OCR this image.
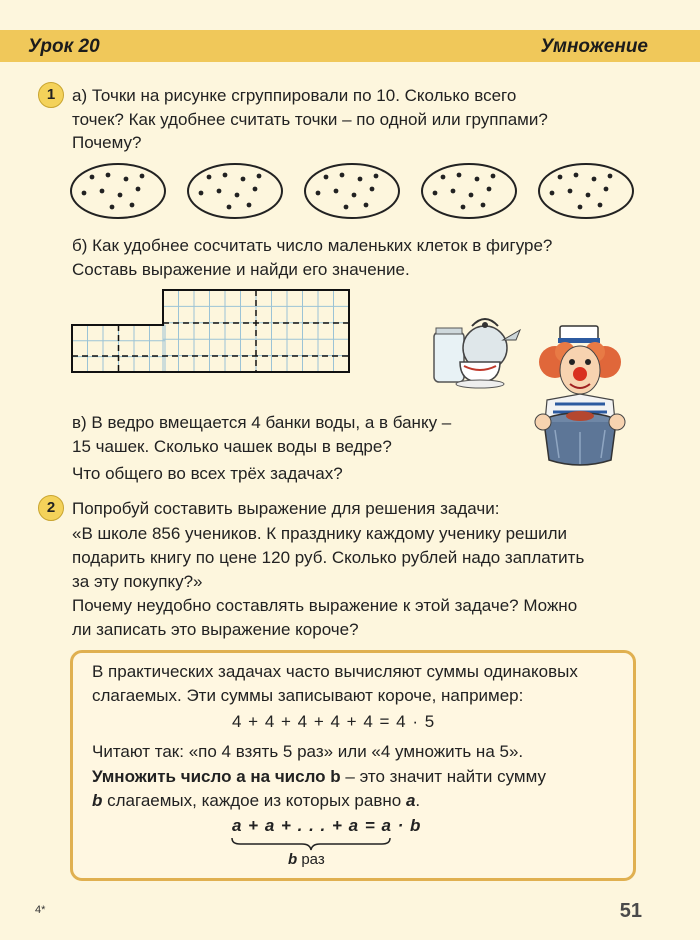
Урок 20	Умножение
1 а) Точки на рисунке сгруппировали по 10. Сколько всего
точек? Как удобнее считать точки – по одной или группами?
Почему?
б) Как удобнее сосчитать число маленьких клеток в фигуре?
Составь выражение и найди его значение.
в) В ведро вмещается 4 банки воды, а в банку –
15 чашек. Сколько чашек воды в ведре?
Что общего во всех трёх задачах?
2 Попробуй составить выражение для решения задачи:
«В школе 856 учеников. К празднику каждому ученику решили
подарить книгу по цене 120 руб. Сколько рублей надо заплатить
за эту покупку?»
Почему неудобно составлять выражение к этой задаче? Можно
ли записать это выражение короче?
В практических задачах часто вычисляют суммы одинаковых
слагаемых. Эти суммы записывают короче, например:
4 + 4 + 4 + 4 + 4 = 4 · 5
Читают так: «по 4 взять 5 раз» или «4 умножить на 5».
Умножить число a на число b – это значит найти сумму
b слагаемых, каждое из которых равно a.
a + a + . . . + a = a · b
b раз
4*	51
